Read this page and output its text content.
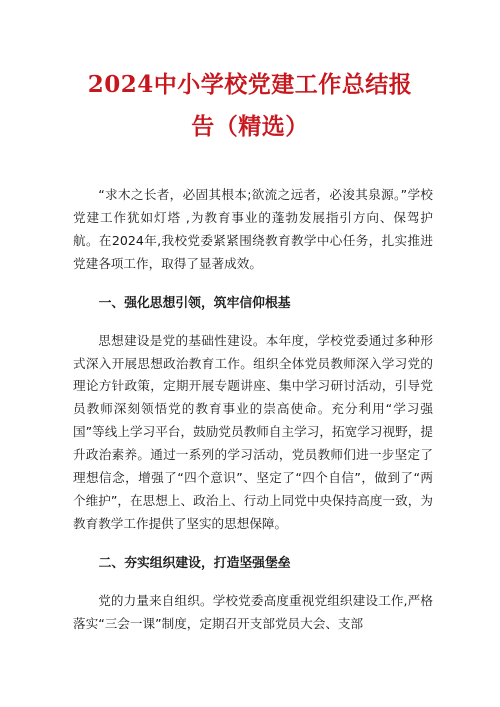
2024中小学校党建工作总结报
告（精选）

“求木之长者，必固其根本;欲流之远者，必浚其泉源。”学校党建工作犹如灯塔 ,为教育事业的蓬勃发展指引方向、保驾护航。在2024年,我校党委紧紧围绕教育教学中心任务，扎实推进党建各项工作，取得了显著成效。

一、强化思想引领，筑牢信仰根基

思想建设是党的基础性建设。本年度，学校党委通过多种形式深入开展思想政治教育工作。组织全体党员教师深入学习党的理论方针政策，定期开展专题讲座、集中学习研讨活动，引导党员教师深刻领悟党的教育事业的崇高使命。充分利用“学习强国”等线上学习平台，鼓励党员教师自主学习，拓宽学习视野，提升政治素养。通过一系列的学习活动，党员教师们进一步坚定了理想信念，增强了“四个意识”、坚定了“四个自信”，做到了“两个维护”，在思想上、政治上、行动上同党中央保持高度一致，为教育教学工作提供了坚实的思想保障。

二、夯实组织建设，打造坚强堡垒

党的力量来自组织。学校党委高度重视党组织建设工作,严格落实“三会一课”制度，定期召开支部党员大会、支部
